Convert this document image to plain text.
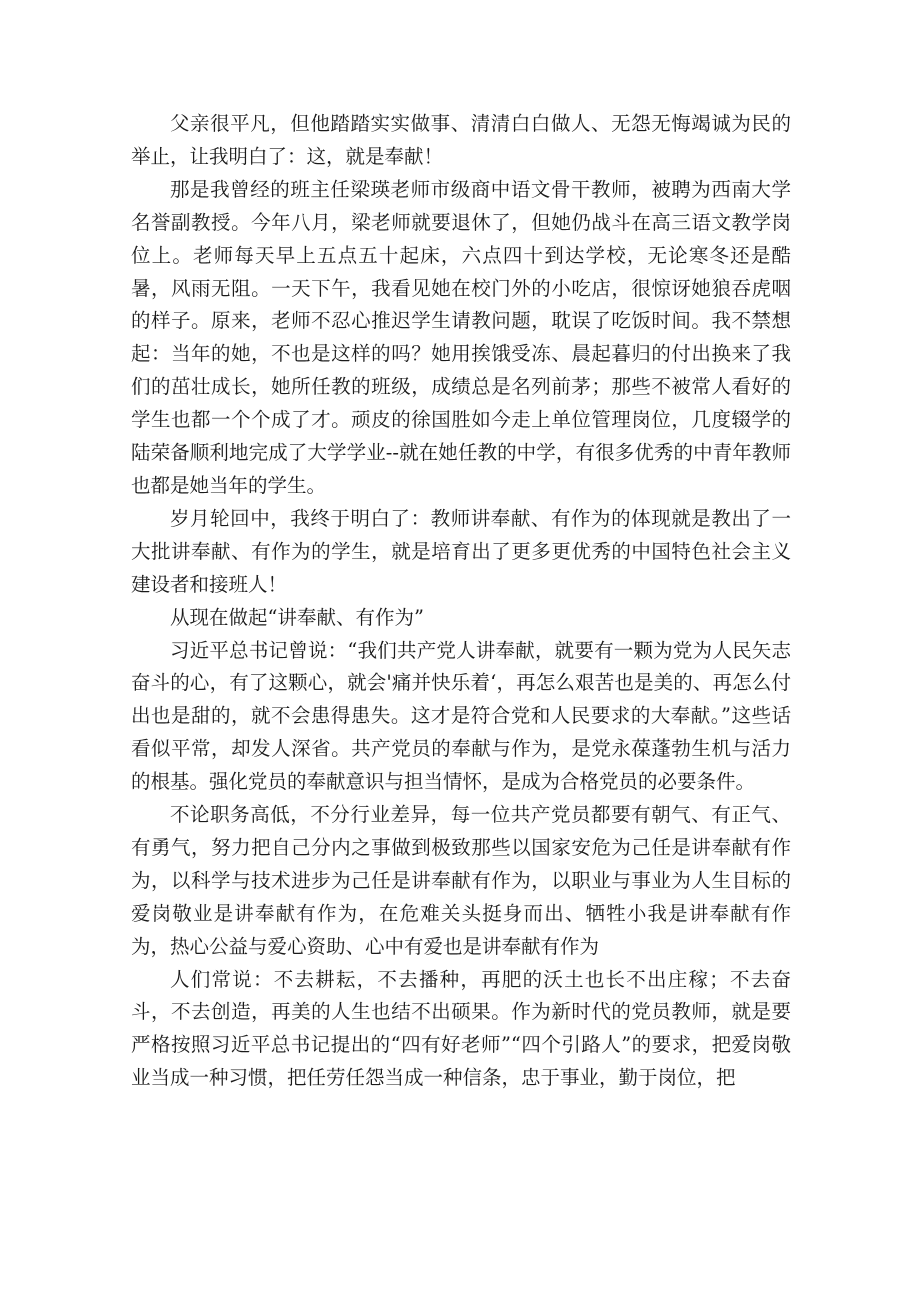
父亲很平凡，但他踏踏实实做事、清清白白做人、无怨无悔竭诚为民的举止，让我明白了：这，就是奉献！

那是我曾经的班主任梁瑛老师市级商中语文骨干教师，被聘为西南大学名誉副教授。今年八月，梁老师就要退休了，但她仍战斗在高三语文教学岗位上。老师每天早上五点五十起床，六点四十到达学校，无论寒冬还是酷暑，风雨无阻。一天下午，我看见她在校门外的小吃店，很惊讶她狼吞虎咽的样子。原来，老师不忍心推迟学生请教问题，耽误了吃饭时间。我不禁想起：当年的她，不也是这样的吗？她用挨饿受冻、晨起暮归的付出换来了我们的茁壮成长，她所任教的班级，成绩总是名列前茅；那些不被常人看好的学生也都一个个成了才。顽皮的徐国胜如今走上单位管理岗位，几度辍学的陆荣备顺利地完成了大学学业--就在她任教的中学，有很多优秀的中青年教师也都是她当年的学生。

岁月轮回中，我终于明白了：教师讲奉献、有作为的体现就是教出了一大批讲奉献、有作为的学生，就是培育出了更多更优秀的中国特色社会主义建设者和接班人！

从现在做起“讲奉献、有作为”

习近平总书记曾说：“我们共产党人讲奉献，就要有一颗为党为人民矢志奋斗的心，有了这颗心，就会'痛并快乐着‘，再怎么艰苦也是美的、再怎么付出也是甜的，就不会患得患失。这才是符合党和人民要求的大奉献。”这些话看似平常，却发人深省。共产党员的奉献与作为，是党永葆蓬勃生机与活力的根基。强化党员的奉献意识与担当情怀，是成为合格党员的必要条件。

不论职务高低，不分行业差异，每一位共产党员都要有朝气、有正气、有勇气，努力把自己分内之事做到极致那些以国家安危为己任是讲奉献有作为，以科学与技术进步为己任是讲奉献有作为，以职业与事业为人生目标的爱岗敬业是讲奉献有作为，在危难关头挺身而出、牺牲小我是讲奉献有作为，热心公益与爱心资助、心中有爱也是讲奉献有作为

人们常说：不去耕耘，不去播种，再肥的沃土也长不出庄稼；不去奋斗，不去创造，再美的人生也结不出硕果。作为新时代的党员教师，就是要严格按照习近平总书记提出的“四有好老师”“四个引路人”的要求，把爱岗敬业当成一种习惯，把任劳任怨当成一种信条，忠于事业，勤于岗位，把
